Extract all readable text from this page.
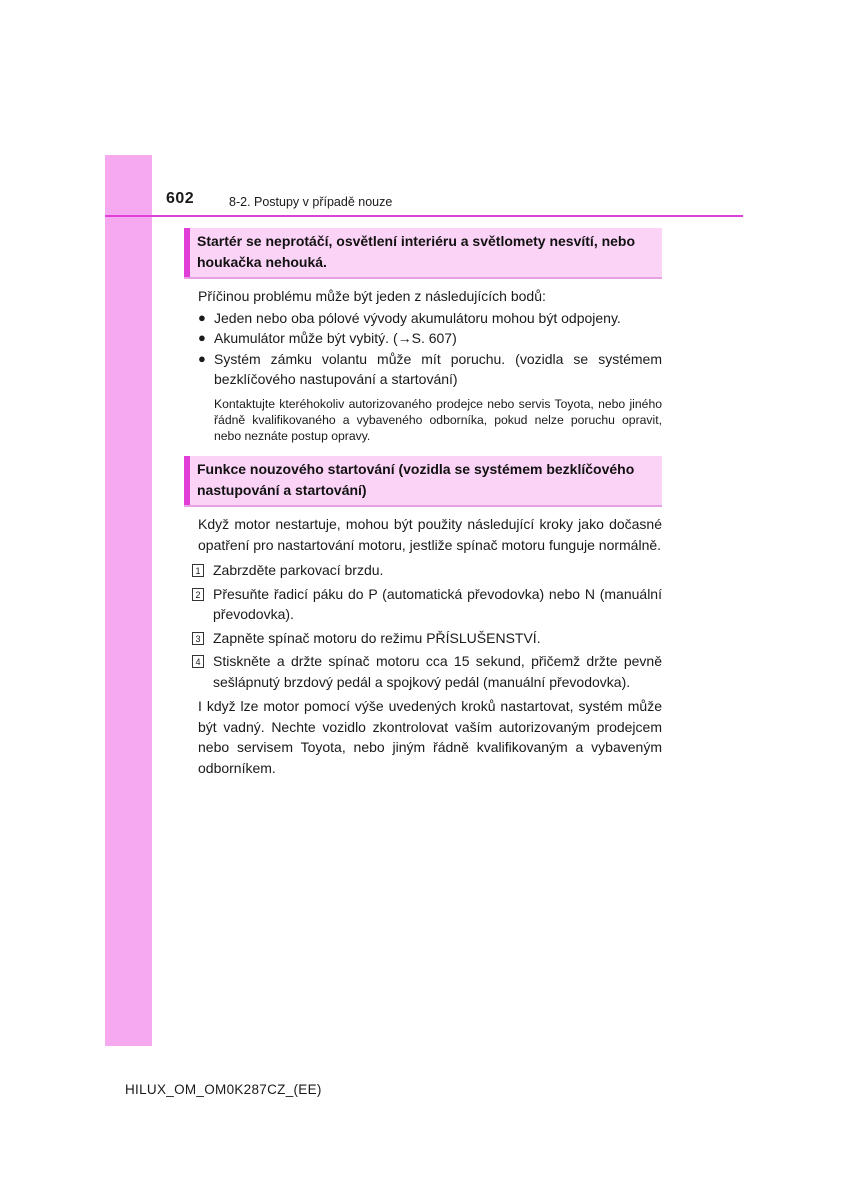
602	8-2. Postupy v případě nouze
Startér se neprotáčí, osvětlení interiéru a světlomety nesvítí, nebo houkačka nehouká.
Příčinou problému může být jeden z následujících bodů:
● Jeden nebo oba pólové vývody akumulátoru mohou být odpojeny.
● Akumulátor může být vybitý. (→S. 607)
● Systém zámku volantu může mít poruchu. (vozidla se systémem bezklíčového nastupování a startování)
Kontaktujte kteréhokoliv autorizovaného prodejce nebo servis Toyota, nebo jiného řádně kvalifikovaného a vybaveného odborníka, pokud nelze poruchu opravit, nebo neznáte postup opravy.
Funkce nouzového startování (vozidla se systémem bezklíčového nastupování a startování)
Když motor nestartuje, mohou být použity následující kroky jako dočasné opatření pro nastartování motoru, jestliže spínač motoru funguje normálně.
1 Zabrzděte parkovací brzdu.
2 Přesuňte řadicí páku do P (automatická převodovka) nebo N (manuální převodovka).
3 Zapněte spínač motoru do režimu PŘÍSLUŠENSTVÍ.
4 Stiskněte a držte spínač motoru cca 15 sekund, přičemž držte pevně sešlápnutý brzdový pedál a spojkový pedál (manuální převodovka).
I když lze motor pomocí výše uvedených kroků nastartovat, systém může být vadný. Nechte vozidlo zkontrolovat vaším autorizovaným prodejcem nebo servisem Toyota, nebo jiným řádně kvalifikovaným a vybaveným odborníkem.
HILUX_OM_OM0K287CZ_(EE)
